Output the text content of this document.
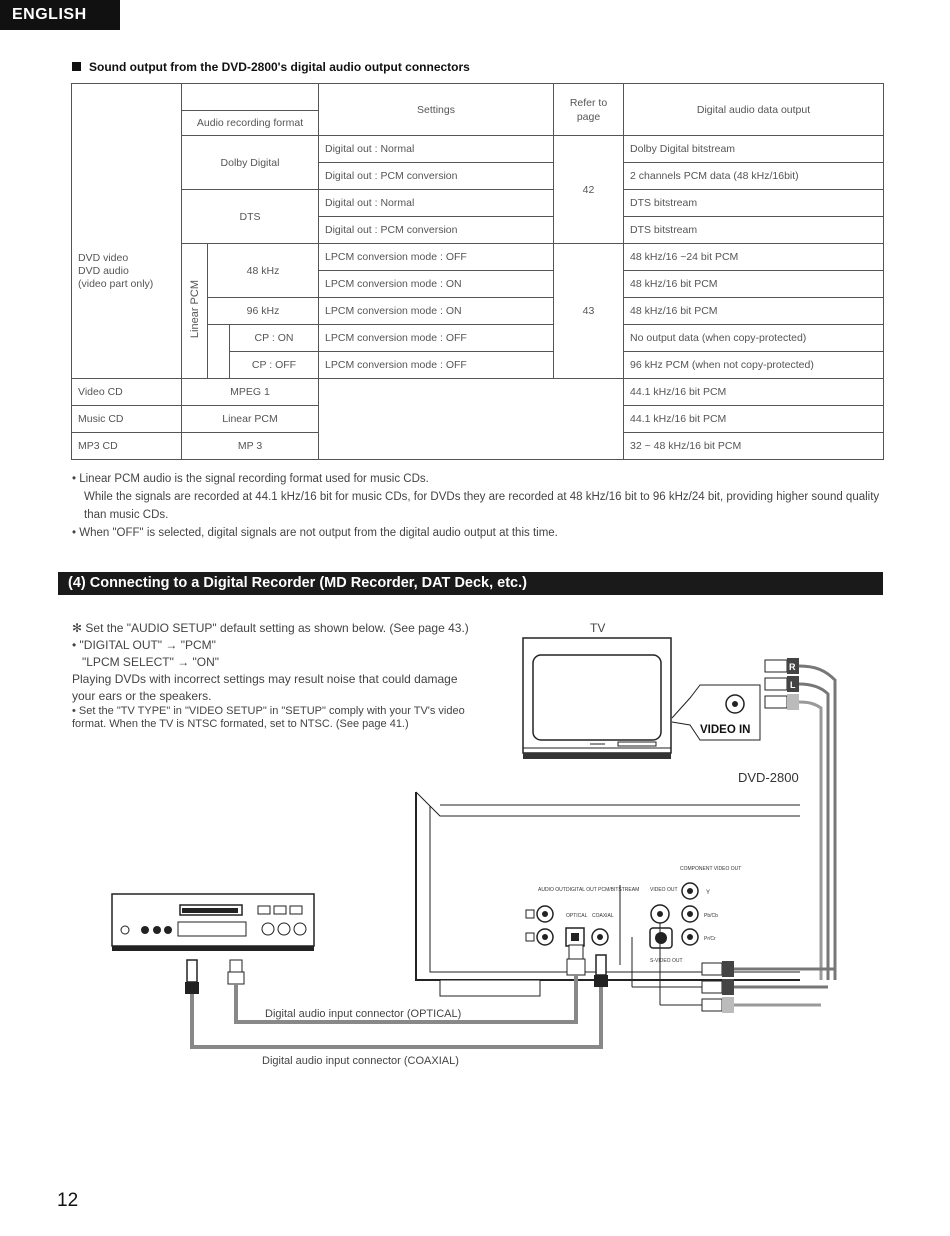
ENGLISH
Sound output from the DVD-2800's digital audio output connectors
				Settings	Refer to page	Digital audio data output
	Audio recording format					

DVD video
DVD audio
(video part only)	Dolby Digital			Digital out : Normal	42	Dolby Digital bitstream
				Digital out : PCM conversion		2 channels PCM data (48 kHz/16bit)
	DTS			Digital out : Normal		DTS bitstream
				Digital out : PCM conversion		DTS bitstream
	Linear PCM	48 kHz		LPCM conversion mode : OFF	43	48 kHz/16 ~24 bit PCM
				LPCM conversion mode : ON		48 kHz/16 bit PCM
		96 kHz		LPCM conversion mode : ON		48 kHz/16 bit PCM
			CP : ON	LPCM conversion mode : OFF		No output data (when copy-protected)
			CP : OFF	LPCM conversion mode : OFF		96 kHz PCM (when not copy-protected)
Video CD	MPEG 1					44.1 kHz/16 bit PCM
Music CD	Linear PCM					44.1 kHz/16 bit PCM
MP3 CD	MP 3					32 ~ 48 kHz/16 bit PCM

• Linear PCM audio is the signal recording format used for music CDs.

While the signals are recorded at 44.1 kHz/16 bit for music CDs, for DVDs they are recorded at 48 kHz/16 bit to 96 kHz/24 bit, providing higher sound quality than music CDs.

• When "OFF" is selected, digital signals are not output from the digital audio output at this time.

(4) Connecting to a Digital Recorder (MD Recorder, DAT Deck, etc.)

✻ Set the "AUDIO SETUP" default setting as shown below. (See page 43.)

• "DIGITAL OUT" → "PCM"

"LPCM SELECT" → "ON"

Playing DVDs with incorrect settings may result noise that could damage your ears or the speakers.

• Set the "TV TYPE" in "VIDEO SETUP" in "SETUP" comply with your TV's video format. When the TV is NTSC formated, set to NTSC. (See page 41.)

TV
VIDEO IN
R
L
DVD-2800
AUDIO OUT DIGITAL OUT PCM/BITSTREAM
OPTICAL COAXIAL
VIDEO OUT
S-VIDEO OUT
COMPONENT VIDEO OUT
Y
Pb/Cb
Pr/Cr
Digital audio input connector (OPTICAL)
Digital audio input connector (COAXIAL)
12
